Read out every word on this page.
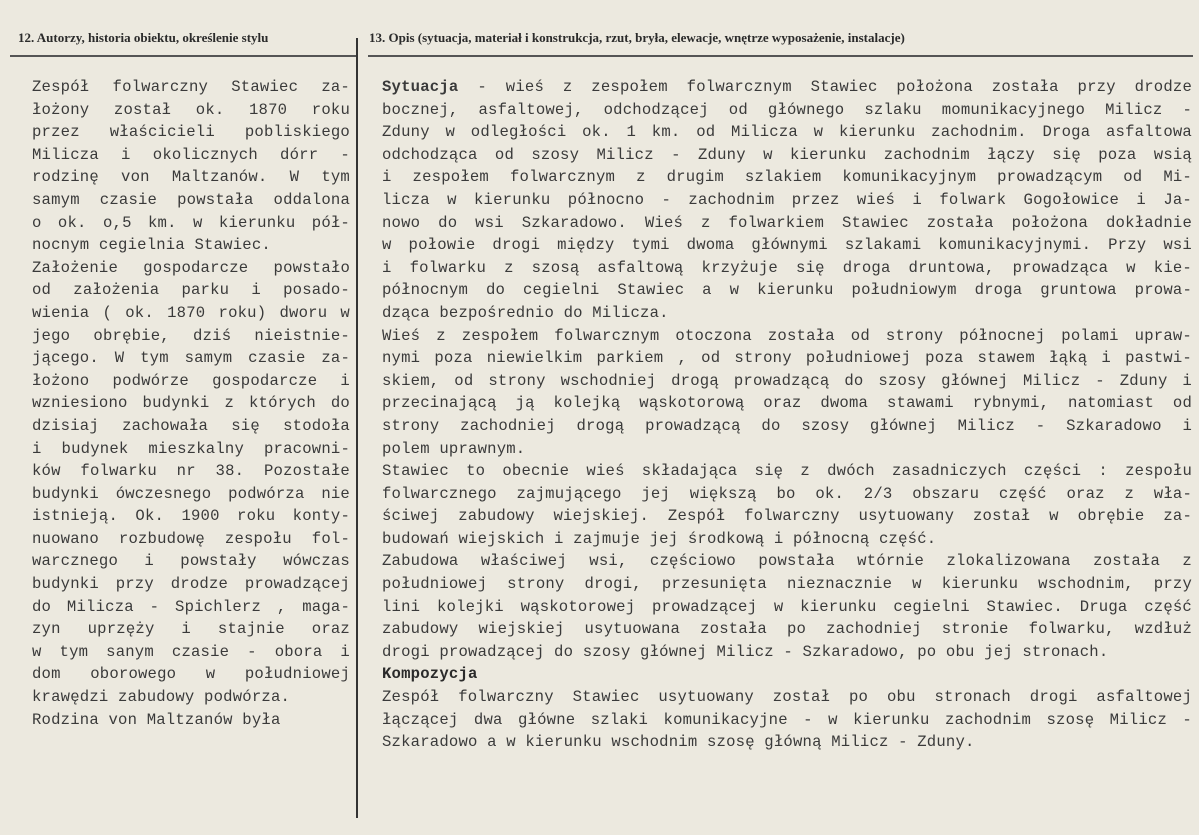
12. Autorzy, historia obiektu, określenie stylu	13. Opis (sytuacja, materiał i konstrukcja, rzut, bryła, elewacje, wnętrze wyposażenie, instalacje)
Zespół folwarczny Stawiec za-
łożony został ok. 1870 roku
przez właścicieli pobliskiego
Milicza i okolicznych dórr -
rodzinę von Maltzanów. W tym
samym czasie powstała oddalona
o ok. o,5 km. w kierunku pół-
nocnym cegielnia Stawiec.
Założenie gospodarcze powstało
od założenia parku i posado-
wienia ( ok. 1870 roku) dworu w
jego obrębie, dziś nieistnie-
jącego. W tym samym czasie za-
łożono podwórze gospodarcze i
wzniesiono budynki z których do
dzisiaj zachowała się stodoła
i budynek mieszkalny pracowni-
ków folwarku nr 38. Pozostałe
budynki ówczesnego podwórza nie
istnieją. Ok. 1900 roku konty-
nuowano rozbudowę zespołu fol-
warcznego i powstały wówczas
budynki przy drodze prowadzącej
do Milicza - Spichlerz , maga-
zyn uprzęży i stajnie oraz
w tym sanym czasie - obora i
dom oborowego w południowej
krawędzi zabudowy podwórza.
Rodzina von Maltzanów była
Sytuacja - wieś z zespołem folwarcznym Stawiec położona została przy drodze
bocznej, asfaltowej, odchodzącej od głównego szlaku momunikacyjnego Milicz -
Zduny w odległości ok. 1 km. od Milicza w kierunku zachodnim. Droga asfaltowa
odchodząca od szosy Milicz - Zduny w kierunku zachodnim łączy się poza wsią
i zespołem folwarcznym z drugim szlakiem komunikacyjnym prowadzącym od Mi-
licza w kierunku północno - zachodnim przez wieś i folwark Gogołowice i Ja-
nowo do wsi Szkaradowo. Wieś z folwarkiem Stawiec została położona dokładnie
w połowie drogi między tymi dwoma głównymi szlakami komunikacyjnymi. Przy wsi
i folwarku z szosą asfaltową krzyżuje się droga druntowa, prowadząca w kie-
północnym do cegielni Stawiec a w kierunku południowym droga gruntowa prowa-
dząca bezpośrednio do Milicza.
Wieś z zespołem folwarcznym otoczona została od strony północnej polami upraw-
nymi poza niewielkim parkiem , od strony południowej poza stawem łąką i pastwi-
skiem, od strony wschodniej drogą prowadzącą do szosy głównej Milicz - Zduny i
przecinającą ją kolejką wąskotorową oraz dwoma stawami rybnymi, natomiast od
strony zachodniej drogą prowadzącą do szosy głównej Milicz - Szkaradowo i
polem uprawnym.
Stawiec to obecnie wieś składająca się z dwóch zasadniczych części : zespołu
folwarcznego zajmującego jej większą bo ok. 2/3 obszaru część oraz z wła-
ściwej zabudowy wiejskiej. Zespół folwarczny usytuowany został w obrębie za-
budowań wiejskich i zajmuje jej środkową i północną część.
Zabudowa właściwej wsi, częściowo powstała wtórnie zlokalizowana została z
południowej strony drogi, przesunięta nieznacznie w kierunku wschodnim, przy
lini kolejki wąskotorowej prowadzącej w kierunku cegielni Stawiec. Druga część
zabudowy wiejskiej usytuowana została po zachodniej stronie folwarku, wzdłuż
drogi prowadzącej do szosy głównej Milicz - Szkaradowo, po obu jej stronach.
Kompozycja
Zespół folwarczny Stawiec usytuowany został po obu stronach drogi asfaltowej
łączącej dwa główne szlaki komunikacyjne - w kierunku zachodnim szosę Milicz -
Szkaradowo a w kierunku wschodnim szosę główną Milicz - Zduny.
